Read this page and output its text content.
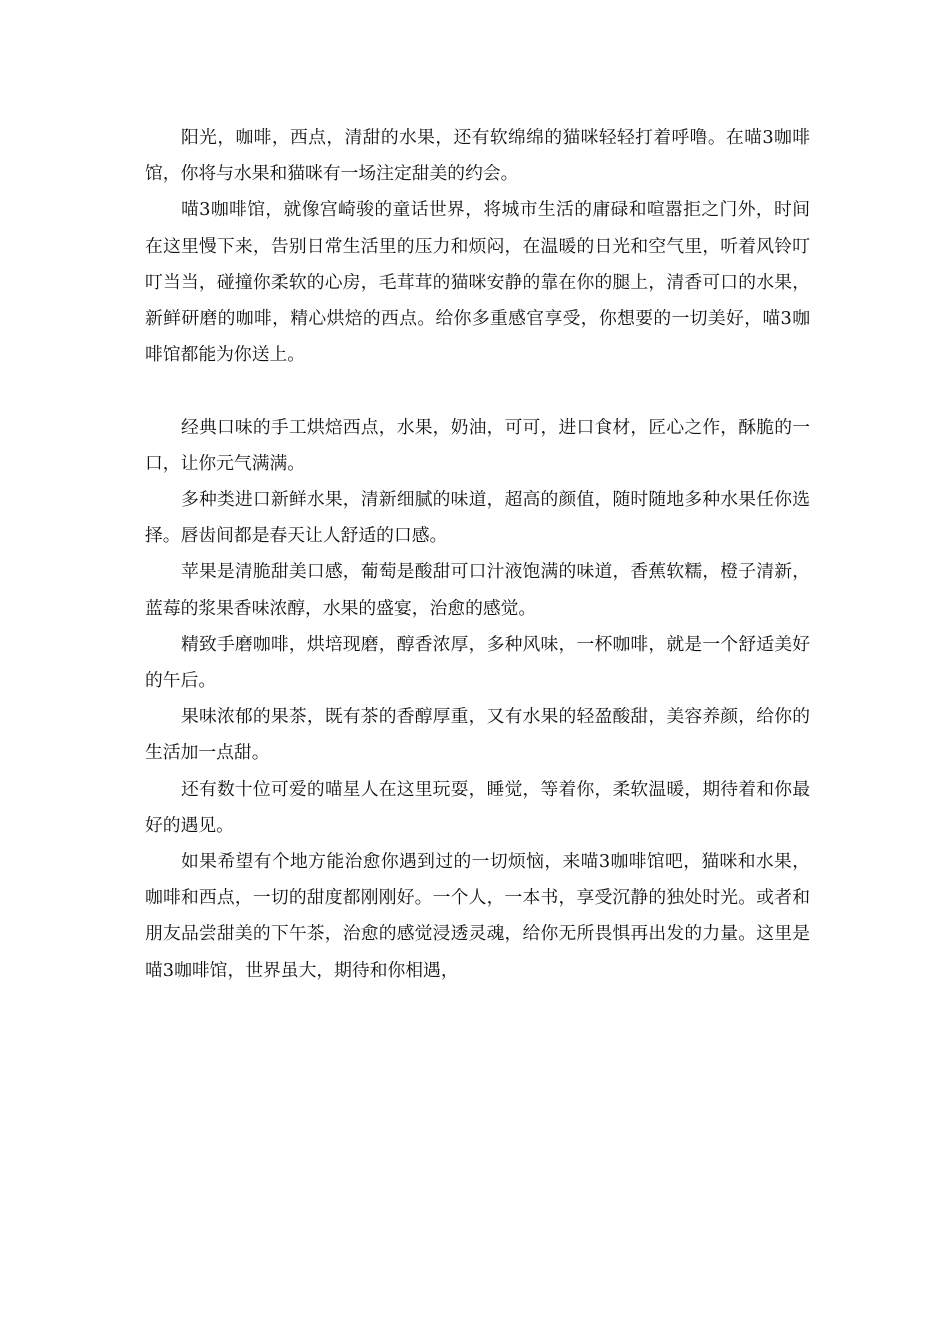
阳光，咖啡，西点，清甜的水果，还有软绵绵的猫咪轻轻打着呼噜。在喵3咖啡馆，你将与水果和猫咪有一场注定甜美的约会。

喵3咖啡馆，就像宫崎骏的童话世界，将城市生活的庸碌和喧嚣拒之门外，时间在这里慢下来，告别日常生活里的压力和烦闷，在温暖的日光和空气里，听着风铃叮叮当当，碰撞你柔软的心房，毛茸茸的猫咪安静的靠在你的腿上，清香可口的水果，新鲜研磨的咖啡，精心烘焙的西点。给你多重感官享受，你想要的一切美好，喵3咖啡馆都能为你送上。

经典口味的手工烘焙西点，水果，奶油，可可，进口食材，匠心之作，酥脆的一口，让你元气满满。

多种类进口新鲜水果，清新细腻的味道，超高的颜值，随时随地多种水果任你选择。唇齿间都是春天让人舒适的口感。

苹果是清脆甜美口感，葡萄是酸甜可口汁液饱满的味道，香蕉软糯，橙子清新，蓝莓的浆果香味浓醇，水果的盛宴，治愈的感觉。

精致手磨咖啡，烘培现磨，醇香浓厚，多种风味，一杯咖啡，就是一个舒适美好的午后。

果味浓郁的果茶，既有茶的香醇厚重，又有水果的轻盈酸甜，美容养颜，给你的生活加一点甜。

还有数十位可爱的喵星人在这里玩耍，睡觉，等着你，柔软温暖，期待着和你最好的遇见。

如果希望有个地方能治愈你遇到过的一切烦恼，来喵3咖啡馆吧，猫咪和水果，咖啡和西点，一切的甜度都刚刚好。一个人，一本书，享受沉静的独处时光。或者和朋友品尝甜美的下午茶，治愈的感觉浸透灵魂，给你无所畏惧再出发的力量。这里是喵3咖啡馆，世界虽大，期待和你相遇，
